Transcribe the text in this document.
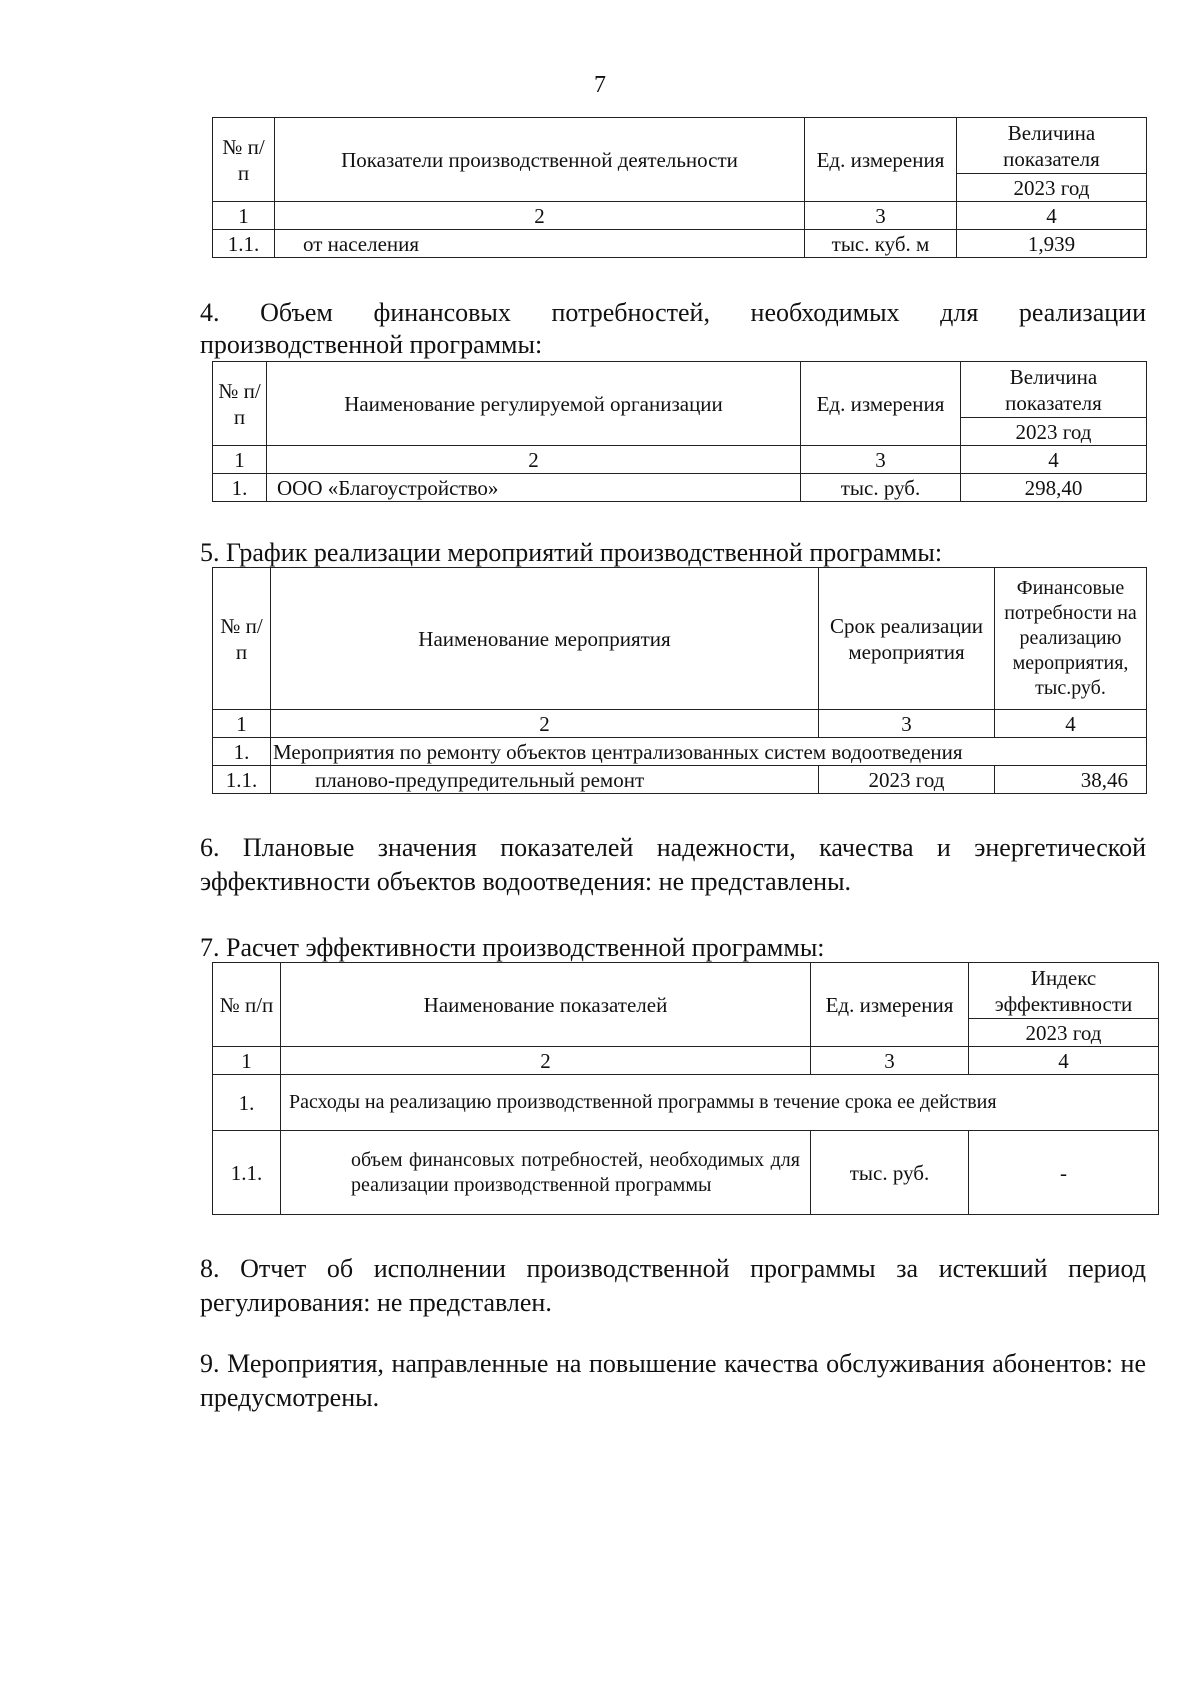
7
№ п/п	Показатели производственной деятельности	Ед. измерения	Величина показателя
			2023 год
1	2	3	4
1.1.	от населения	тыс. куб. м	1,939
4. Объем финансовых потребностей, необходимых для реализации
производственной программы:
№ п/п	Наименование регулируемой организации	Ед. измерения	Величина показателя
			2023 год
1	2	3	4
1.	ООО «Благоустройство»	тыс. руб.	298,40
5. График реализации мероприятий производственной программы:
№ п/п	Наименование мероприятия	Срок реализации мероприятия	Финансовые потребности на реализацию мероприятия, тыс.руб.
1	2	3	4
1.	Мероприятия по ремонту объектов централизованных систем водоотведения		
1.1.	планово-предупредительный ремонт	2023 год	38,46
6. Плановые значения показателей надежности, качества и энергетической эффективности объектов водоотведения: не представлены.
7. Расчет эффективности производственной программы:
№ п/п	Наименование показателей	Ед. измерения	Индекс эффективности
			2023 год
1	2	3	4
1.	Расходы на реализацию производственной программы в течение срока ее действия		
1.1.	объем финансовых потребностей, необходимых для реализации производственной программы	тыс. руб.	-
8. Отчет об исполнении производственной программы за истекший период регулирования: не представлен.
9. Мероприятия, направленные на повышение качества обслуживания абонентов: не предусмотрены.
